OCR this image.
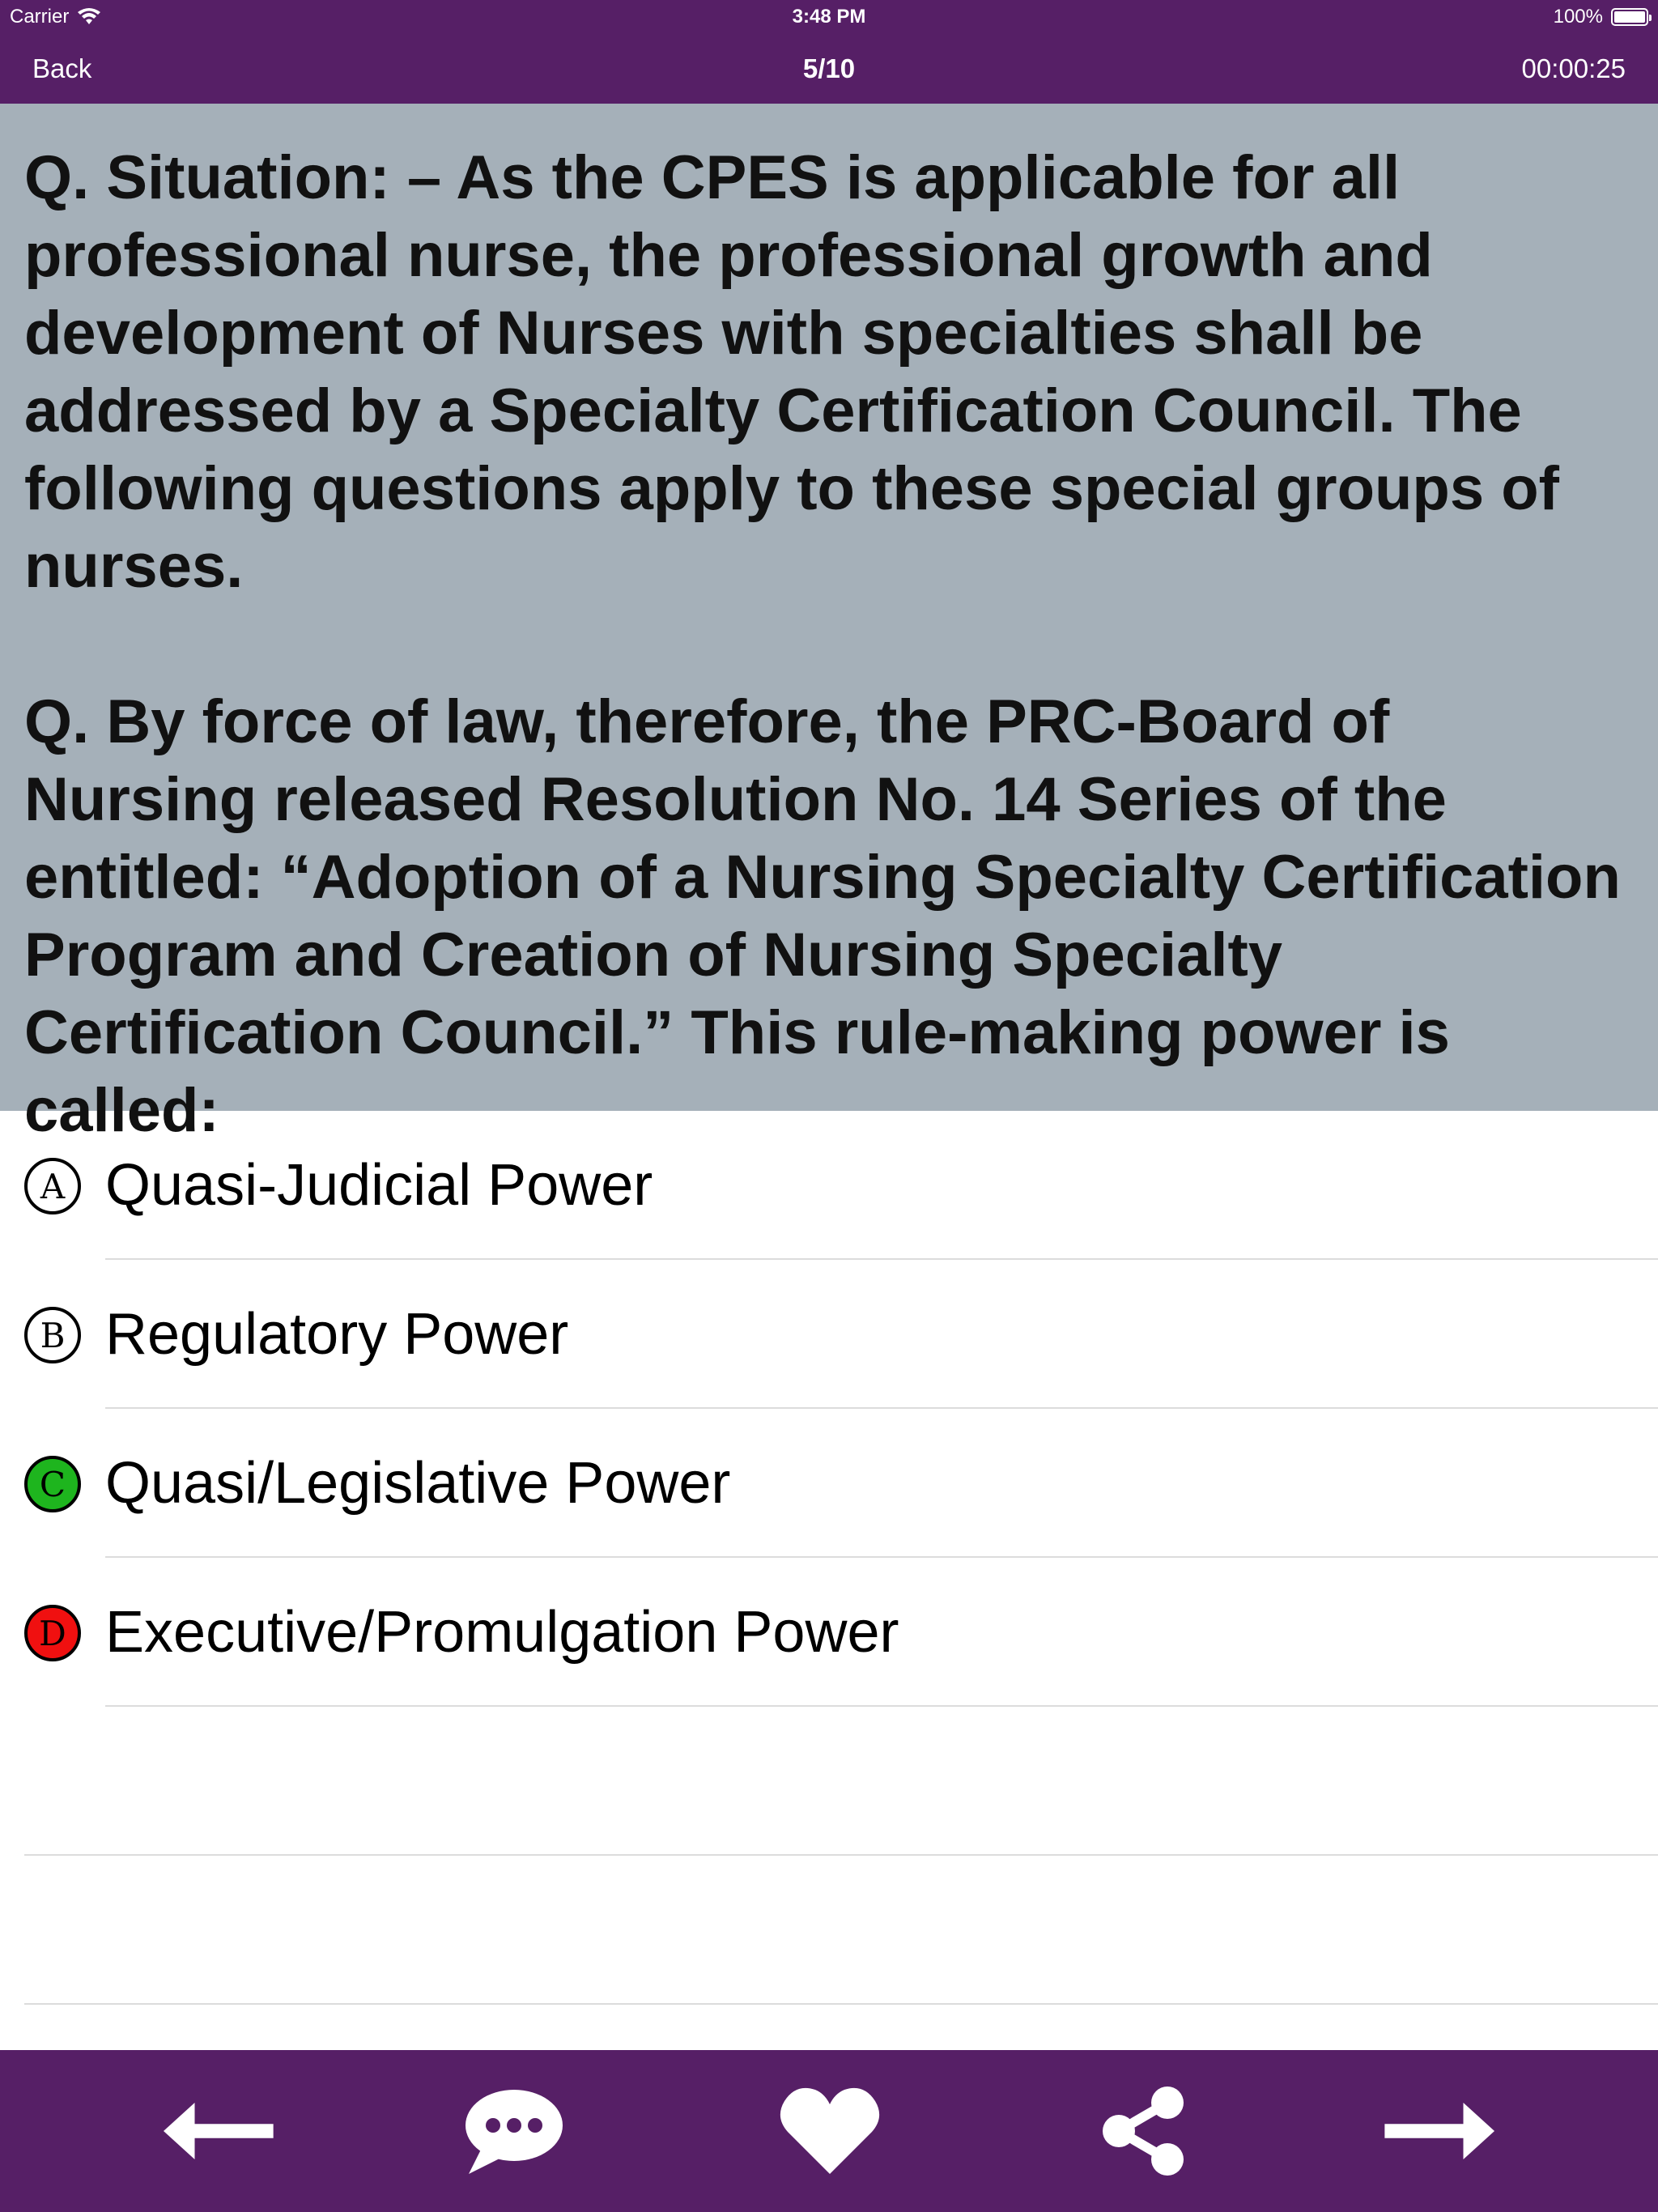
Carrier	3:48 PM	100%
Back	5/10	00:00:25

Q. Situation: – As the CPES is applicable for all professional nurse, the professional growth and development of Nurses with specialties shall be addressed by a Specialty Certification Council. The following questions apply to these special groups of nurses.

Q. By force of law, therefore, the PRC-Board of Nursing released Resolution No. 14 Series of the entitled: “Adoption of a Nursing Specialty Certification Program and Creation of Nursing Specialty Certification Council.” This rule-making power is called:

A Quasi-Judicial Power
B Regulatory Power
C Quasi/Legislative Power
D Executive/Promulgation Power
